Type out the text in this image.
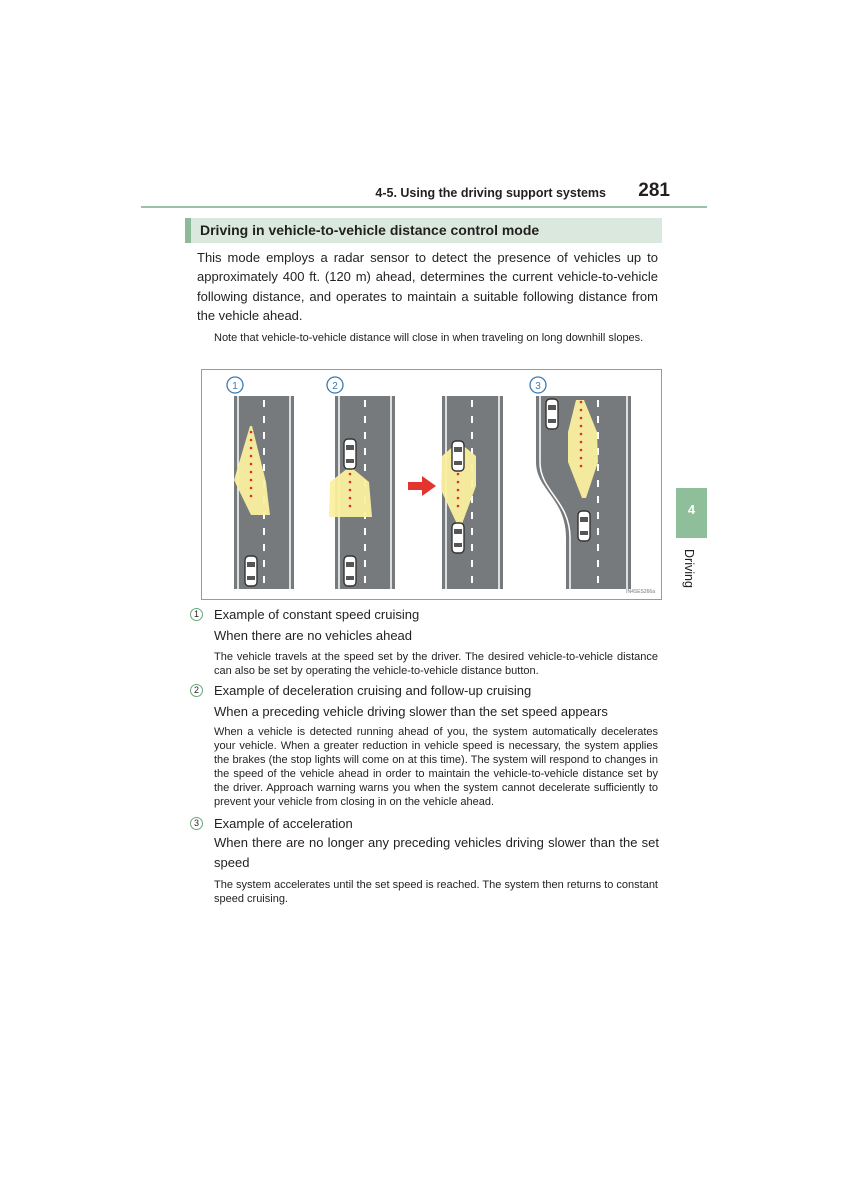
4-5. Using the driving support systems 281
Driving in vehicle-to-vehicle distance control mode
This mode employs a radar sensor to detect the presence of vehicles up to approximately 400 ft. (120 m) ahead, determines the current vehicle-to-vehicle following distance, and operates to maintain a suitable following distance from the vehicle ahead.
Note that vehicle-to-vehicle distance will close in when traveling on long downhill slopes.
1	2	3
IN4SES266a
4
Driving
1	Example of constant speed cruising
When there are no vehicles ahead
The vehicle travels at the speed set by the driver. The desired vehicle-to-vehicle distance can also be set by operating the vehicle-to-vehicle distance button.
2	Example of deceleration cruising and follow-up cruising
When a preceding vehicle driving slower than the set speed appears
When a vehicle is detected running ahead of you, the system automatically decelerates your vehicle. When a greater reduction in vehicle speed is necessary, the system applies the brakes (the stop lights will come on at this time). The system will respond to changes in the speed of the vehicle ahead in order to maintain the vehicle-to-vehicle distance set by the driver. Approach warning warns you when the system cannot decelerate sufficiently to prevent your vehicle from closing in on the vehicle ahead.
3	Example of acceleration
When there are no longer any preceding vehicles driving slower than the set speed
The system accelerates until the set speed is reached. The system then returns to constant speed cruising.
